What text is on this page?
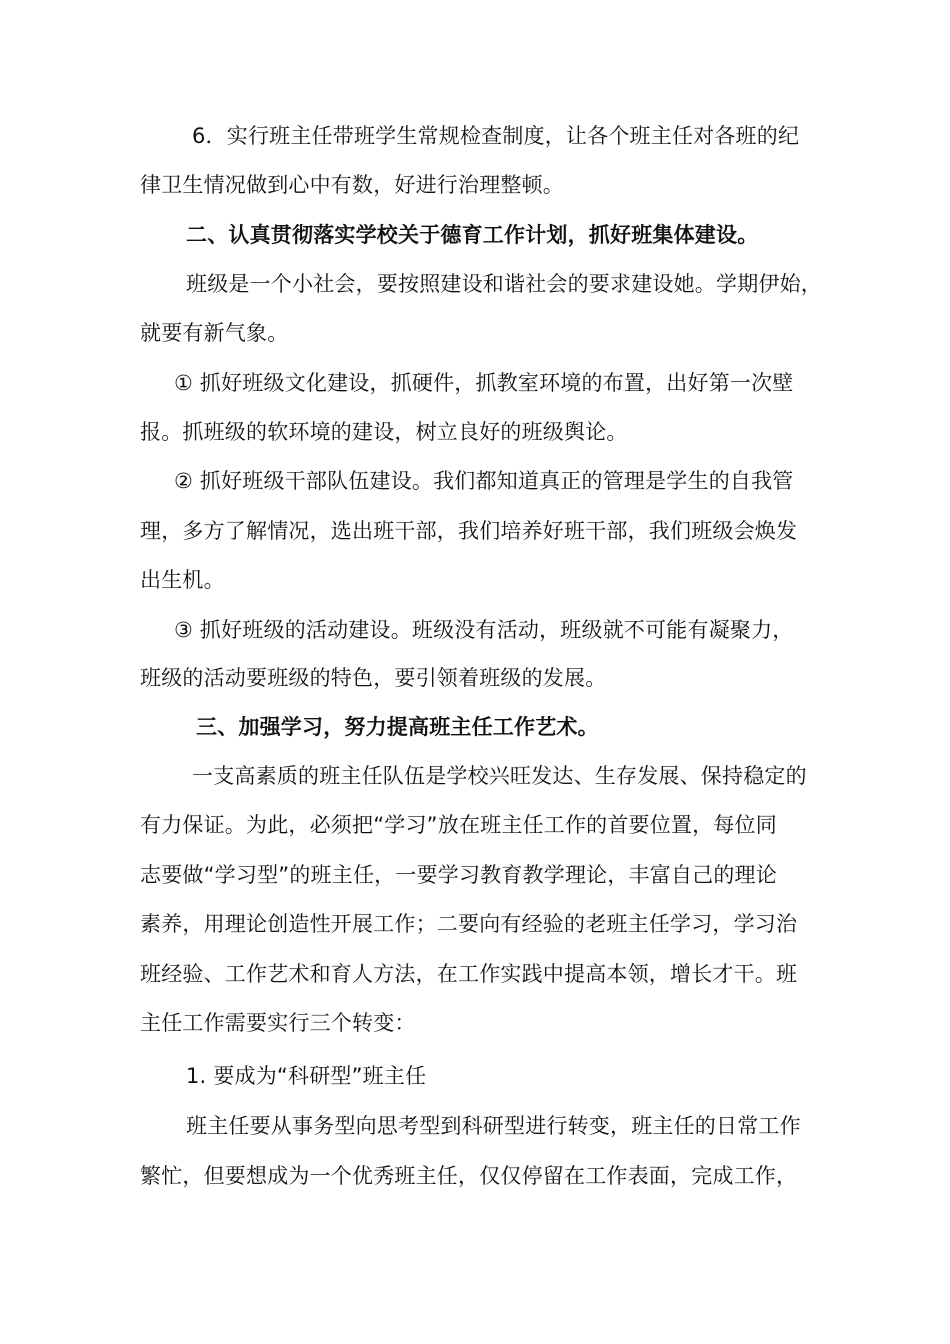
6．实行班主任带班学生常规检查制度，让各个班主任对各班的纪
律卫生情况做到心中有数，好进行治理整顿。
二、认真贯彻落实学校关于德育工作计划，抓好班集体建设。
班级是一个小社会，要按照建设和谐社会的要求建设她。学期伊始，
就要有新气象。
① 抓好班级文化建设，抓硬件，抓教室环境的布置，出好第一次壁
报。抓班级的软环境的建设，树立良好的班级舆论。
② 抓好班级干部队伍建设。我们都知道真正的管理是学生的自我管
理，多方了解情况，选出班干部，我们培养好班干部，我们班级会焕发
出生机。
③ 抓好班级的活动建设。班级没有活动，班级就不可能有凝聚力，
班级的活动要班级的特色，要引领着班级的发展。
三、加强学习，努力提高班主任工作艺术。
一支高素质的班主任队伍是学校兴旺发达、生存发展、保持稳定的
有力保证。为此，必须把“学习”放在班主任工作的首要位置，每位同
志要做“学习型”的班主任，一要学习教育教学理论，丰富自己的理论
素养，用理论创造性开展工作；二要向有经验的老班主任学习，学习治
班经验、工作艺术和育人方法，在工作实践中提高本领，增长才干。班
主任工作需要实行三个转变：
1. 要成为“科研型”班主任
班主任要从事务型向思考型到科研型进行转变，班主任的日常工作
繁忙，但要想成为一个优秀班主任，仅仅停留在工作表面，完成工作，
